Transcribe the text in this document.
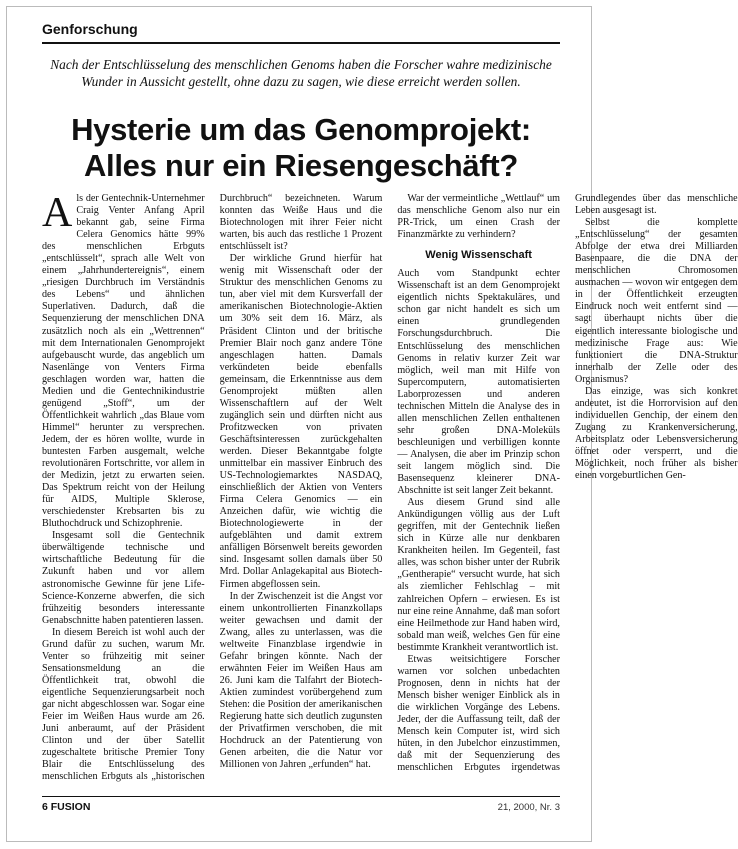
Genforschung
Nach der Entschlüsselung des menschlichen Genoms haben die Forscher wahre medizinische Wunder in Aussicht gestellt, ohne dazu zu sagen, wie diese erreicht werden sollen.
Hysterie um das Genomprojekt:
Alles nur ein Riesengeschäft?

Als der Gentechnik-Unternehmer Craig Venter Anfang April bekannt gab, seine Firma Celera Genomics hätte 99% des menschlichen Erbguts „entschlüsselt“, sprach alle Welt von einem „Jahrhundertereignis“, einem „riesigen Durchbruch im Verständnis des Lebens“ und ähnlichen Superlativen. Dadurch, daß die Sequenzierung der menschlichen DNA zusätzlich noch als ein „Wettrennen“ mit dem Internationalen Genomprojekt aufgebauscht wurde, das angeblich um Nasenlänge von Venters Firma geschlagen worden war, hatten die Medien und die Gentechnikindustrie genügend „Stoff“, um der Öffentlichkeit wahrlich „das Blaue vom Himmel“ herunter zu versprechen. Jedem, der es hören wollte, wurde in buntesten Farben ausgemalt, welche revolutionären Fortschritte, vor allem in der Medizin, jetzt zu erwarten seien. Das Spektrum reicht von der Heilung für AIDS, Multiple Sklerose, verschiedenster Krebsarten bis zu Bluthochdruck und Schizophrenie.

Insgesamt soll die Gentechnik überwältigende technische und wirtschaftliche Bedeutung für die Zukunft haben und vor allem astronomische Gewinne für jene Life-Science-Konzerne abwerfen, die sich frühzeitig besonders interessante Genabschnitte haben patentieren lassen.

In diesem Bereich ist wohl auch der Grund dafür zu suchen, warum Mr. Venter so frühzeitig mit seiner Sensationsmeldung an die Öffentlichkeit trat, obwohl die eigentliche Sequenzierungsarbeit noch gar nicht abgeschlossen war. Sogar eine Feier im Weißen Haus wurde am 26. Juni anberaumt, auf der Präsident Clinton und der über Satellit zugeschaltete britische Premier Tony Blair die Entschlüsselung des menschlichen Erbguts als „historischen Durchbruch“ bezeichneten. Warum konnten das Weiße Haus und die Biotechnologen mit ihrer Feier nicht warten, bis auch das restliche 1 Prozent entschlüsselt ist?

Der wirkliche Grund hierfür hat wenig mit Wissenschaft oder der Struktur des menschlichen Genoms zu tun, aber viel mit dem Kursverfall der amerikanischen Biotechnologie-Aktien um 30% seit dem 16. März, als Präsident Clinton und der britische Premier Blair noch ganz andere Töne angeschlagen hatten. Damals verkündeten beide ebenfalls gemeinsam, die Erkenntnisse aus dem Genomprojekt müßten allen Wissenschaftlern auf der Welt zugänglich sein und dürften nicht aus Profitzwecken von privaten Geschäftsinteressen zurückgehalten werden. Dieser Bekanntgabe folgte unmittelbar ein massiver Einbruch des US-Technologiemarktes NASDAQ, einschließlich der Aktien von Venters Firma Celera Genomics — ein Anzeichen dafür, wie wichtig die Biotechnologiewerte in der aufgeblähten und damit extrem anfälligen Börsenwelt bereits geworden sind. Insgesamt sollen damals über 50 Mrd. Dollar Anlagekapital aus Biotech-Firmen abgeflossen sein.

In der Zwischenzeit ist die Angst vor einem unkontrollierten Finanzkollaps weiter gewachsen und damit der Zwang, alles zu unterlassen, was die weltweite Finanzblase irgendwie in Gefahr bringen könnte. Nach der erwähnten Feier im Weißen Haus am 26. Juni kam die Talfahrt der Biotech-Aktien zumindest vorübergehend zum Stehen: die Position der amerikanischen Regierung hatte sich deutlich zugunsten der Privatfirmen verschoben, die mit Hochdruck an der Patentierung von Genen arbeiten, die die Natur vor Millionen von Jahren „erfunden“ hat.

War der vermeintliche „Wettlauf“ um das menschliche Genom also nur ein PR-Trick, um einen Crash der Finanzmärkte zu verhindern?

Wenig Wissenschaft

Auch vom Standpunkt echter Wissenschaft ist an dem Genomprojekt eigentlich nichts Spektakuläres, und schon gar nicht handelt es sich um einen grundlegenden Forschungsdurchbruch. Die Entschlüsselung des menschlichen Genoms in relativ kurzer Zeit war möglich, weil man mit Hilfe von Supercomputern, automatisierten Laborprozessen und anderen technischen Mitteln die Analyse des in allen menschlichen Zellen enthaltenen sehr großen DNA-Moleküls beschleunigen und verbilligen konnte — Analysen, die aber im Prinzip schon seit langem möglich sind. Die Basensequenz kleinerer DNA-Abschnitte ist seit langer Zeit bekannt.

Aus diesem Grund sind alle Ankündigungen völlig aus der Luft gegriffen, mit der Gentechnik ließen sich in Kürze alle nur denkbaren Krankheiten heilen. Im Gegenteil, fast alles, was schon bisher unter der Rubrik „Gentherapie“ versucht wurde, hat sich als ziemlicher Fehlschlag – mit zahlreichen Opfern – erwiesen. Es ist nur eine reine Annahme, daß man sofort eine Heilmethode zur Hand haben wird, sobald man weiß, welches Gen für eine bestimmte Krankheit verantwortlich ist.

Etwas weitsichtigere Forscher warnen vor solchen unbedachten Prognosen, denn in nichts hat der Mensch bisher weniger Einblick als in die wirklichen Vorgänge des Lebens. Jeder, der die Auffassung teilt, daß der Mensch kein Computer ist, wird sich hüten, in den Jubelchor einzustimmen, daß mit der Sequenzierung des menschlichen Erbgutes irgendetwas Grundlegendes über das menschliche Leben ausgesagt ist.

Selbst die komplette „Entschlüsselung“ der gesamten Abfolge der etwa drei Milliarden Basenpaare, die die DNA der menschlichen Chromosomen ausmachen — wovon wir entgegen dem in der Öffentlichkeit erzeugten Eindruck noch weit entfernt sind — sagt überhaupt nichts über die eigentlich interessante biologische und medizinische Frage aus: Wie funktioniert die DNA-Struktur innerhalb der Zelle oder des Organismus?

Das einzige, was sich konkret andeutet, ist die Horrorvision auf den individuellen Genchip, der einem den Zugang zu Krankenversicherung, Arbeitsplatz oder Lebensversicherung öffnet oder versperrt, und die Möglichkeit, noch früher als bisher einen vorgeburtlichen Gen-

6 FUSION	21, 2000, Nr. 3
